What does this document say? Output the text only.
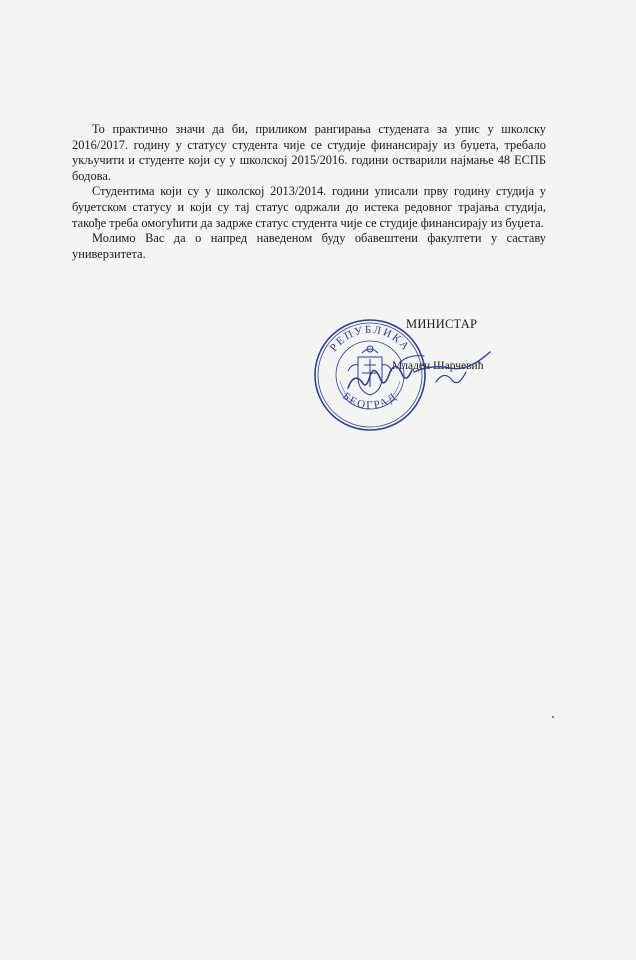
То практично значи да би, приликом рангирања студената за упис у школску 2016/2017. годину у статусу студента чије се студије финансирају из буџета, требало укључити и студенте који су у школској 2015/2016. години остварили најмање 48 ЕСПБ бодова.

Студентима који су у школској 2013/2014. години уписали прву годину студија у буџетском статусу и који су тај статус одржали до истека редовног трајања студија, такође треба омогућити да задрже статус студента чије се студије финансирају из буџета.

Молимо Вас да о напред наведеном буду обавештени факултети у саставу универзитета.

РЕПУБЛИКА
БЕОГРАД
МИНИСТАР
Младен Шарчевић
